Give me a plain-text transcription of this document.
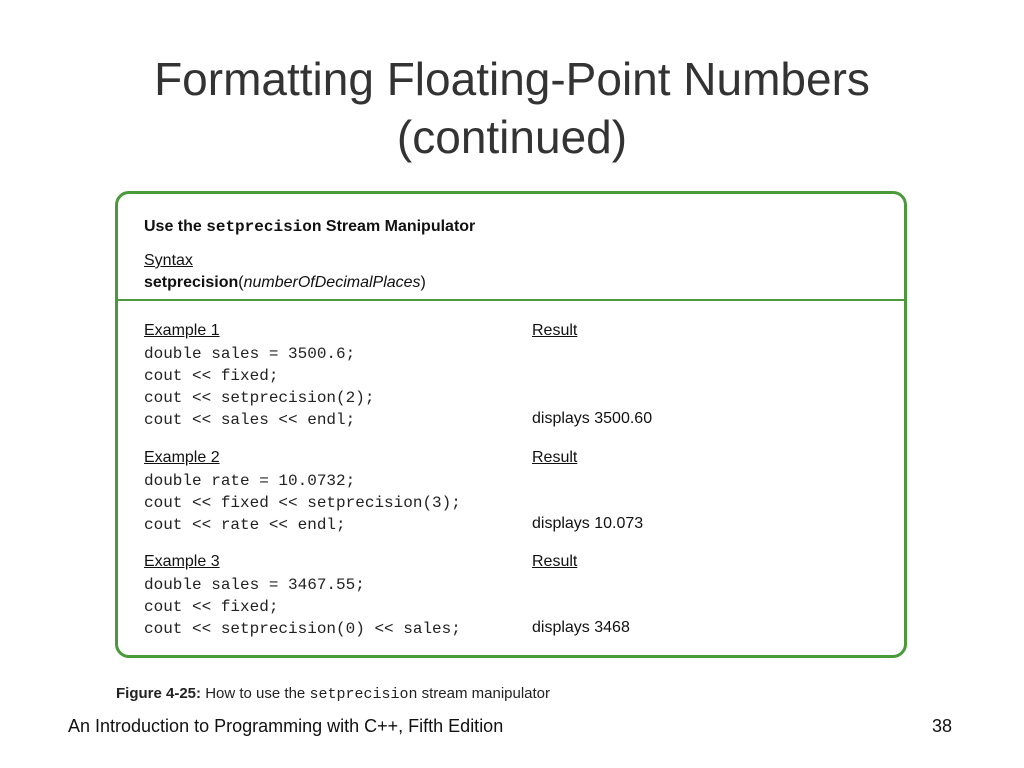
Formatting Floating-Point Numbers
(continued)
Use the setprecision Stream Manipulator
Syntax
setprecision(numberOfDecimalPlaces)
Example 1	Result
double sales = 3500.6;
cout << fixed;
cout << setprecision(2);
cout << sales << endl;	displays 3500.60
Example 2	Result
double rate = 10.0732;
cout << fixed << setprecision(3);
cout << rate << endl;	displays 10.073
Example 3	Result
double sales = 3467.55;
cout << fixed;
cout << setprecision(0) << sales;	displays 3468
Figure 4-25: How to use the setprecision stream manipulator
An Introduction to Programming with C++, Fifth Edition	38
